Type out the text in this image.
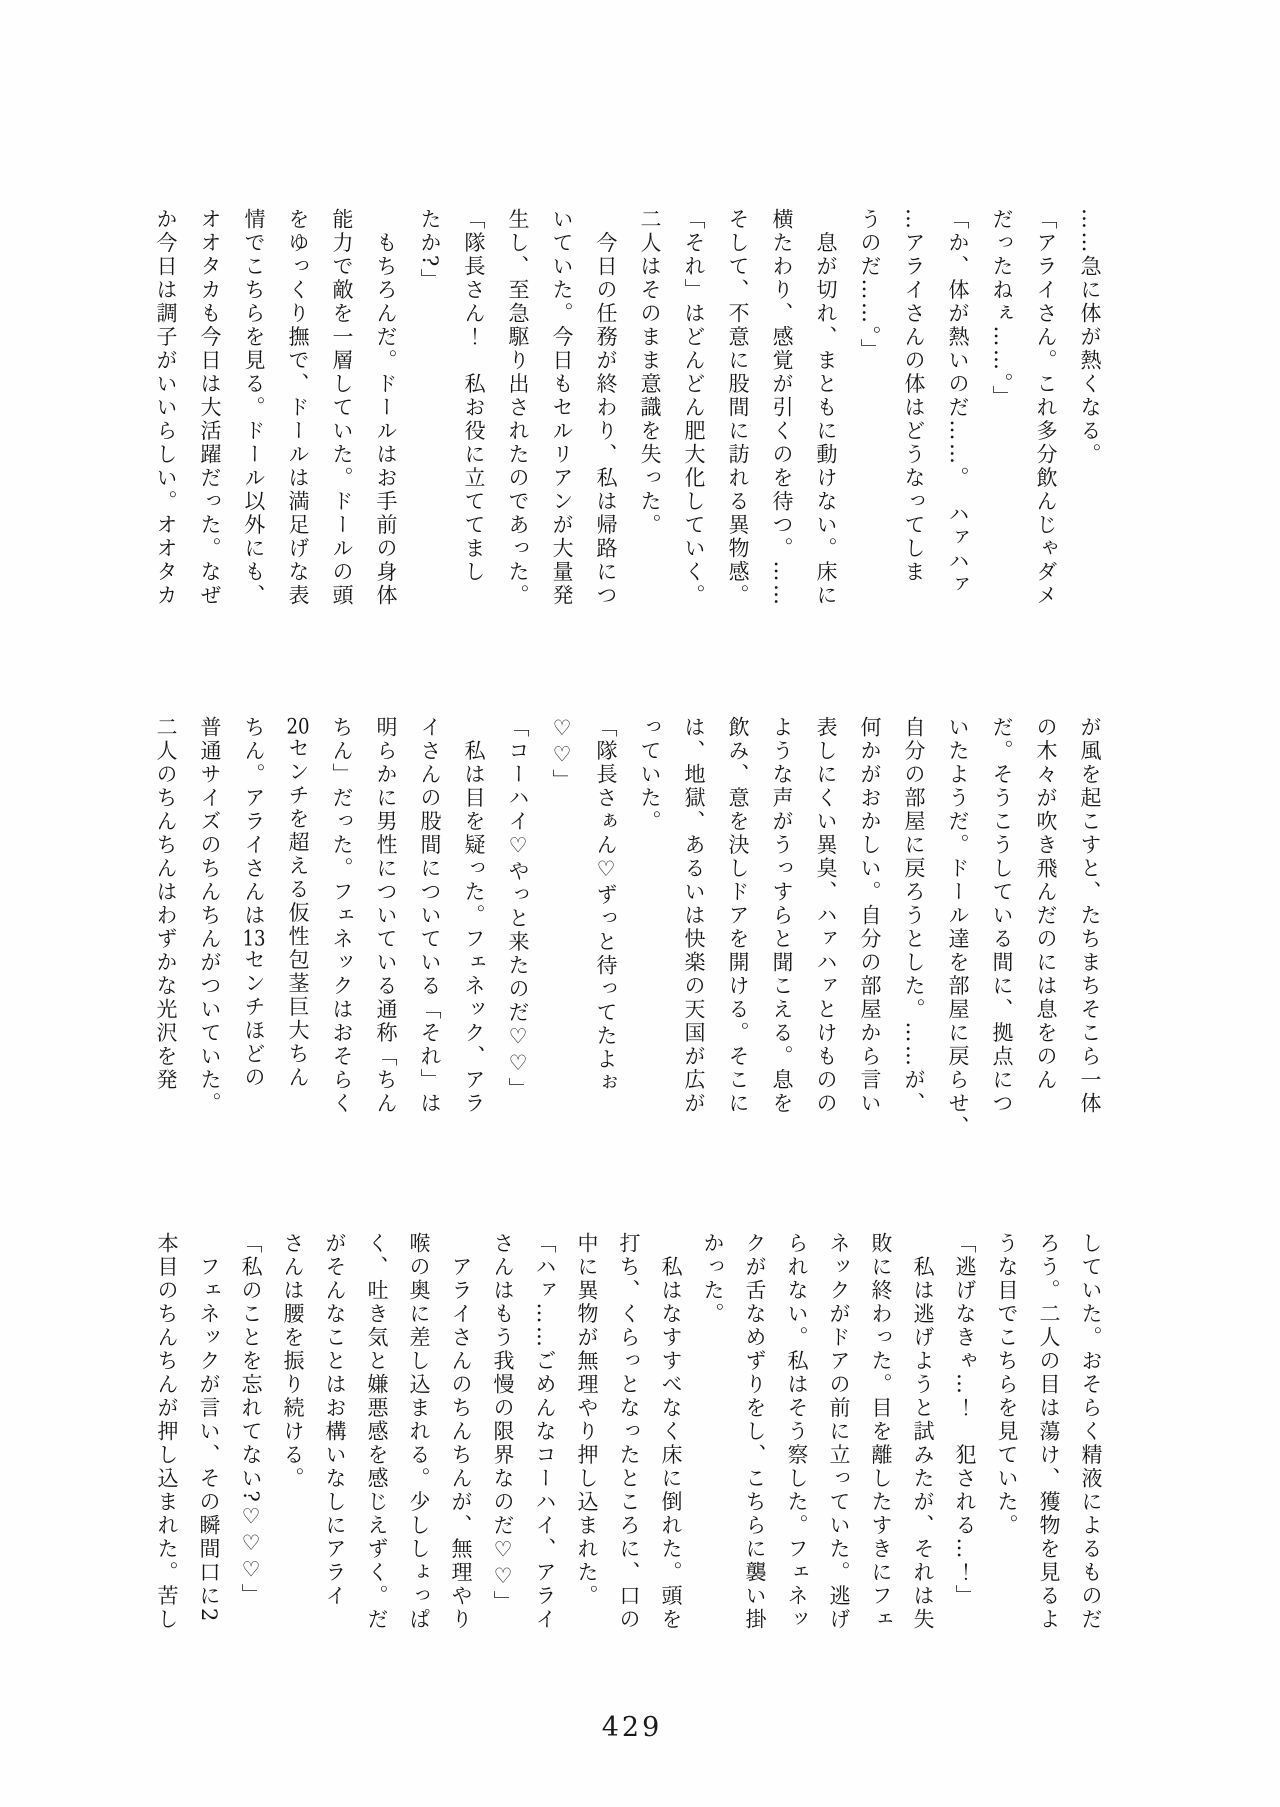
……急に体が熱くなる。

「アライさん。これ多分飲んじゃダメ

だったねぇ……。」

「か、体が熱いのだ……。　ハァハァ

…アライさんの体はどうなってしま

うのだ……。」

　息が切れ、まともに動けない。床に

横たわり、感覚が引くのを待つ。……

そして、不意に股間に訪れる異物感。

「それ」はどんどん肥大化していく。

二人はそのまま意識を失った。

　今日の任務が終わり、私は帰路につ

いていた。今日もセルリアンが大量発

生し、至急駆り出されたのであった。

「隊長さん！　私お役に立ててまし

たか?」

　もちろんだ。ドールはお手前の身体

能力で敵を一層していた。ドールの頭

をゆっくり撫で、ドールは満足げな表

情でこちらを見る。ドール以外にも、

オオタカも今日は大活躍だった。なぜ

か今日は調子がいいらしい。オオタカ

が風を起こすと、たちまちそこら一体

の木々が吹き飛んだのには息をのん

だ。そうこうしている間に、拠点につ

いたようだ。ドール達を部屋に戻らせ、

自分の部屋に戻ろうとした。……が、

何かがおかしい。自分の部屋から言い

表しにくい異臭、ハァハァとけものの

ような声がうっすらと聞こえる。息を

飲み、意を決しドアを開ける。そこに

は、地獄、あるいは快楽の天国が広が

っていた。

「隊長さぁん♡ずっと待ってたよぉ

♡♡」

「コーハイ♡やっと来たのだ♡♡」

　私は目を疑った。フェネック、アラ

イさんの股間についている「それ」は

明らかに男性についている通称「ちん

ちん」だった。フェネックはおそらく

20センチを超える仮性包茎巨大ちん

ちん。アライさんは13センチほどの

普通サイズのちんちんがついていた。

二人のちんちんはわずかな光沢を発

していた。おそらく精液によるものだ

ろう。二人の目は蕩け、獲物を見るよ

うな目でこちらを見ていた。

「逃げなきゃ…！　犯される…！」

　私は逃げようと試みたが、それは失

敗に終わった。目を離したすきにフェ

ネックがドアの前に立っていた。逃げ

られない。私はそう察した。フェネッ

クが舌なめずりをし、こちらに襲い掛

かった。

　私はなすすべなく床に倒れた。頭を

打ち、くらっとなったところに、口の

中に異物が無理やり押し込まれた。

「ハァ……ごめんなコーハイ、アライ

さんはもう我慢の限界なのだ♡♡」

　アライさんのちんちんが、無理やり

喉の奥に差し込まれる。少ししょっぱ

く、吐き気と嫌悪感を感じえずく。だ

がそんなことはお構いなしにアライ

さんは腰を振り続ける。

「私のことを忘れてない?♡♡♡」

　フェネックが言い、その瞬間口に2

本目のちんちんが押し込まれた。苦し

429
